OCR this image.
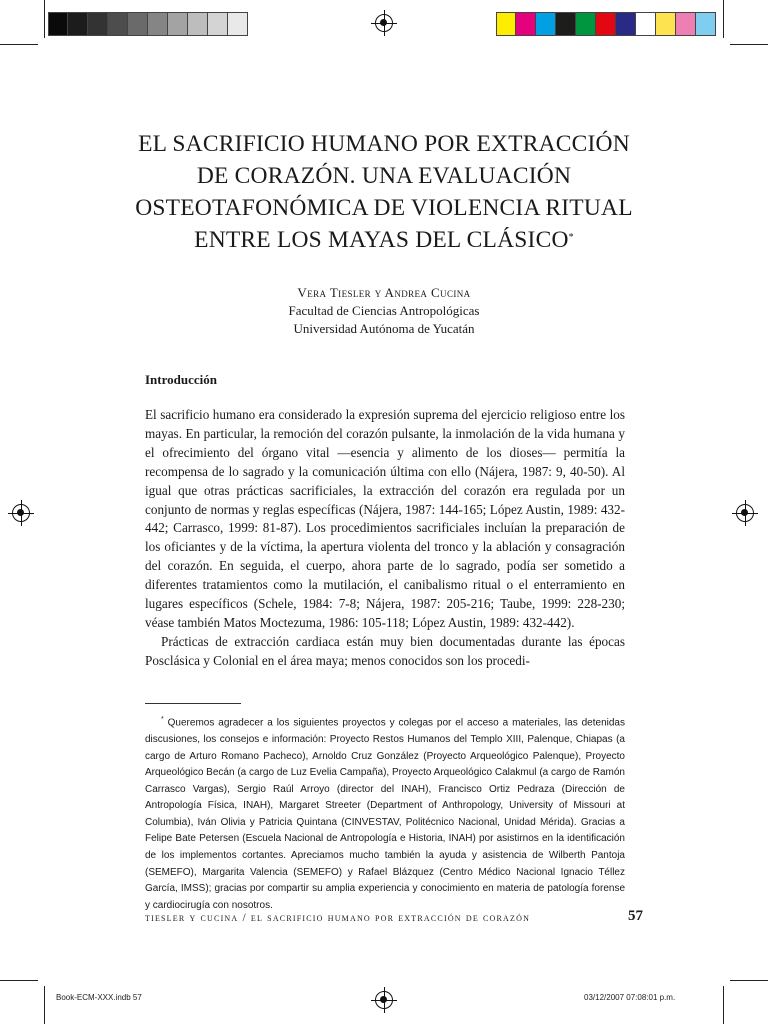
EL SACRIFICIO HUMANO POR EXTRACCIÓN
DE CORAZÓN. UNA EVALUACIÓN
OSTEOTAFONÓMICA DE VIOLENCIA RITUAL
ENTRE LOS MAYAS DEL CLÁSICO*
Vera Tiesler y Andrea Cucina
Facultad de Ciencias Antropológicas
Universidad Autónoma de Yucatán
Introducción

El sacrificio humano era considerado la expresión suprema del ejercicio religioso entre los mayas. En particular, la remoción del corazón pulsante, la inmolación de la vida humana y el ofrecimiento del órgano vital —esencia y alimento de los dioses— permitía la recompensa de lo sagrado y la comunicación última con ello (Nájera, 1987: 9, 40-50). Al igual que otras prácticas sacrificiales, la extracción del corazón era regulada por un conjunto de normas y reglas específicas (Nájera, 1987: 144-165; López Austin, 1989: 432-442; Carrasco, 1999: 81-87). Los procedimientos sacrificiales incluían la preparación de los oficiantes y de la víctima, la apertura violenta del tronco y la ablación y consagración del corazón. En seguida, el cuerpo, ahora parte de lo sagrado, podía ser sometido a diferentes tratamientos como la mutilación, el canibalismo ritual o el enterramiento en lugares específicos (Schele, 1984: 7-8; Nájera, 1987: 205-216; Taube, 1999: 228-230; véase también Matos Moctezuma, 1986: 105-118; López Austin, 1989: 432-442).

Prácticas de extracción cardiaca están muy bien documentadas durante las épocas Posclásica y Colonial en el área maya; menos conocidos son los procedi-

* Queremos agradecer a los siguientes proyectos y colegas por el acceso a materiales, las detenidas discusiones, los consejos e información: Proyecto Restos Humanos del Templo XIII, Palenque, Chiapas (a cargo de Arturo Romano Pacheco), Arnoldo Cruz González (Proyecto Arqueológico Palenque), Proyecto Arqueológico Becán (a cargo de Luz Evelia Campaña), Proyecto Arqueológico Calakmul (a cargo de Ramón Carrasco Vargas), Sergio Raúl Arroyo (director del INAH), Francisco Ortiz Pedraza (Dirección de Antropología Física, INAH), Margaret Streeter (Department of Anthropology, University of Missouri at Columbia), Iván Olivia y Patricia Quintana (CINVESTAV, Politécnico Nacional, Unidad Mérida). Gracias a Felipe Bate Petersen (Escuela Nacional de Antropología e Historia, INAH) por asistirnos en la identificación de los implementos cortantes. Apreciamos mucho también la ayuda y asistencia de Wilberth Pantoja (SEMEFO), Margarita Valencia (SEMEFO) y Rafael Blázquez (Centro Médico Nacional Ignacio Téllez García, IMSS); gracias por compartir su amplia experiencia y conocimiento en materia de patología forense y cardiocirugía con nosotros.

tiesler y cucina / el sacrificio humano por extracción de corazón	57
Book-ECM-XXX.indb 57	03/12/2007 07:08:01 p.m.
